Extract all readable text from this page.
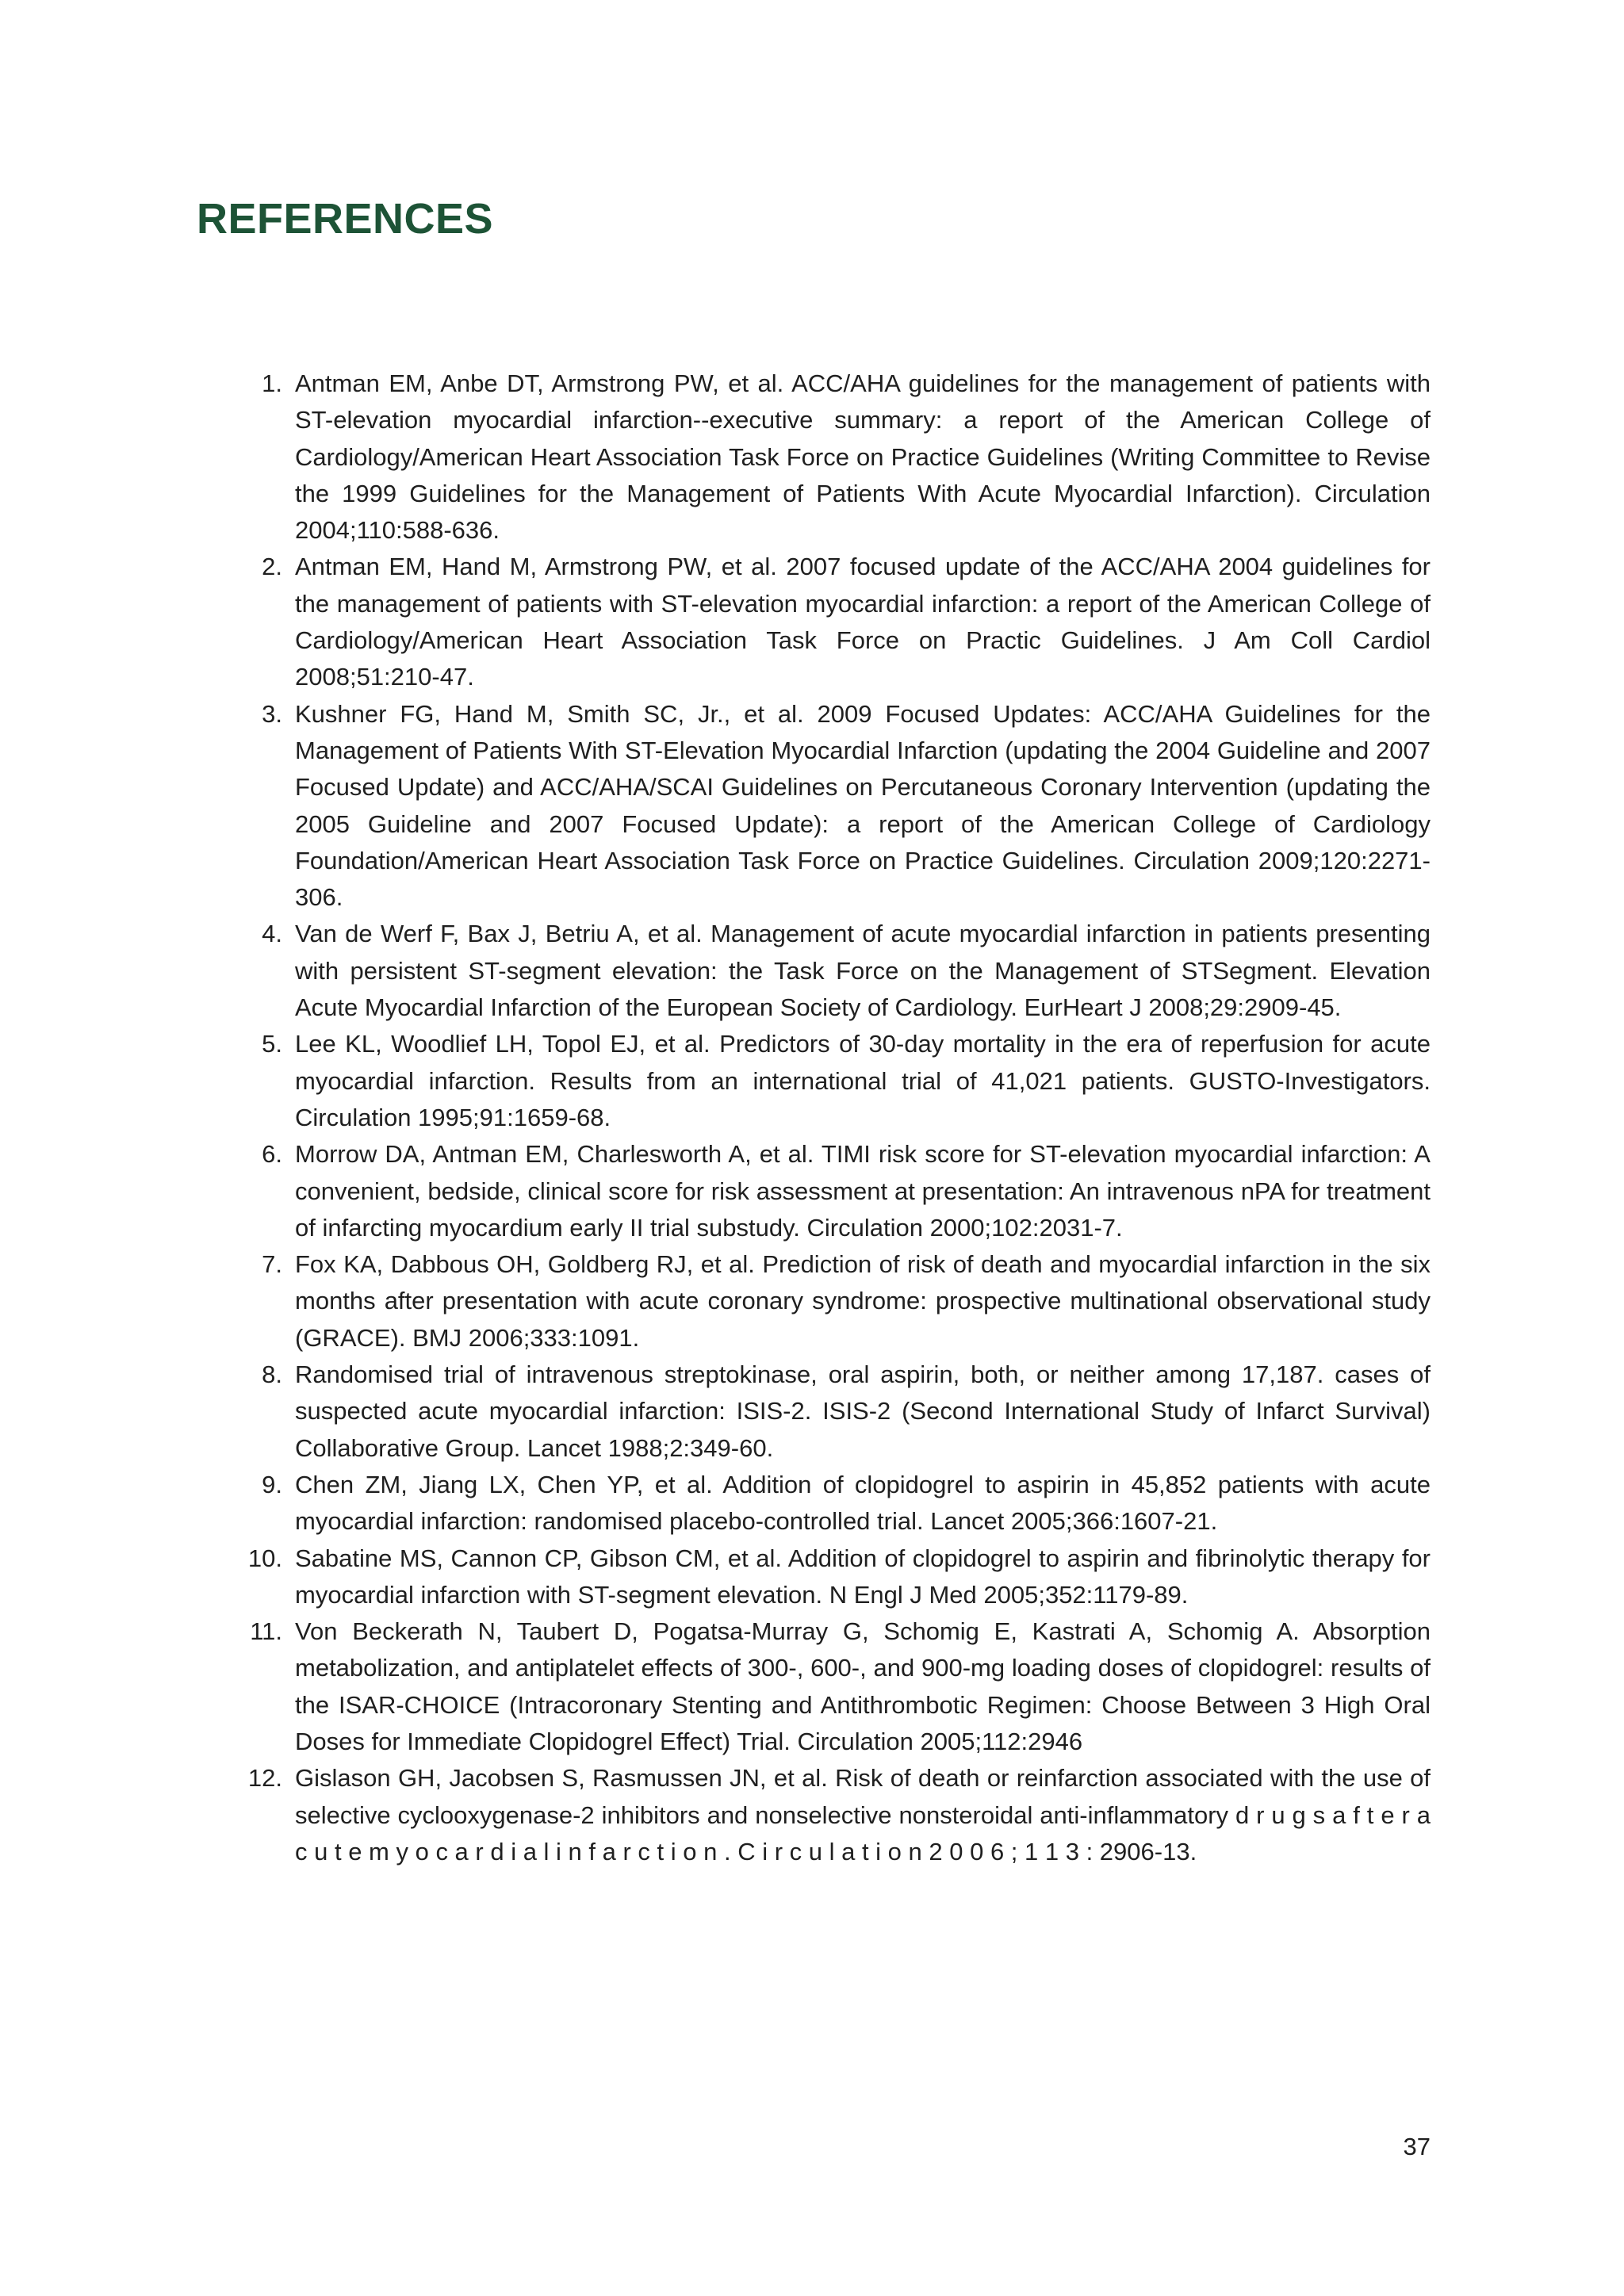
REFERENCES
1. Antman EM, Anbe DT, Armstrong PW, et al. ACC/AHA guidelines for the management of patients with ST-elevation myocardial infarction--executive summary: a report of the American College of Cardiology/American Heart Association Task Force on Practice Guidelines (Writing Committee to Revise the 1999 Guidelines for the Management of Patients With Acute Myocardial Infarction). Circulation 2004;110:588-636.
2. Antman EM, Hand M, Armstrong PW, et al. 2007 focused update of the ACC/AHA 2004 guidelines for the management of patients with ST-elevation myocardial infarction: a report of the American College of Cardiology/American Heart Association Task Force on Practic Guidelines. J Am Coll Cardiol 2008;51:210-47.
3. Kushner FG, Hand M, Smith SC, Jr., et al. 2009 Focused Updates: ACC/AHA Guidelines for the Management of Patients With ST-Elevation Myocardial Infarction (updating the 2004 Guideline and 2007 Focused Update) and ACC/AHA/SCAI Guidelines on Percutaneous Coronary Intervention (updating the 2005 Guideline and 2007 Focused Update): a report of the American College of Cardiology Foundation/American Heart Association Task Force on Practice Guidelines. Circulation 2009;120:2271-306.
4. Van de Werf F, Bax J, Betriu A, et al. Management of acute myocardial infarction in patients presenting with persistent ST-segment elevation: the Task Force on the Management of STSegment. Elevation Acute Myocardial Infarction of the European Society of Cardiology. EurHeart J 2008;29:2909-45.
5. Lee KL, Woodlief LH, Topol EJ, et al. Predictors of 30-day mortality in the era of reperfusion for acute myocardial infarction. Results from an international trial of 41,021 patients. GUSTO-Investigators. Circulation 1995;91:1659-68.
6. Morrow DA, Antman EM, Charlesworth A, et al. TIMI risk score for ST-elevation myocardial infarction: A convenient, bedside, clinical score for risk assessment at presentation: An intravenous nPA for treatment of infarcting myocardium early II trial substudy. Circulation 2000;102:2031-7.
7. Fox KA, Dabbous OH, Goldberg RJ, et al. Prediction of risk of death and myocardial infarction in the six months after presentation with acute coronary syndrome: prospective multinational observational study (GRACE). BMJ 2006;333:1091.
8. Randomised trial of intravenous streptokinase, oral aspirin, both, or neither among 17,187. cases of suspected acute myocardial infarction: ISIS-2. ISIS-2 (Second International Study of Infarct Survival) Collaborative Group. Lancet 1988;2:349-60.
9. Chen ZM, Jiang LX, Chen YP, et al. Addition of clopidogrel to aspirin in 45,852 patients with acute myocardial infarction: randomised placebo-controlled trial. Lancet 2005;366:1607-21.
10. Sabatine MS, Cannon CP, Gibson CM, et al. Addition of clopidogrel to aspirin and fibrinolytic therapy for myocardial infarction with ST-segment elevation. N Engl J Med 2005;352:1179-89.
11. Von Beckerath N, Taubert D, Pogatsa-Murray G, Schomig E, Kastrati A, Schomig A. Absorption metabolization, and antiplatelet effects of 300-, 600-, and 900-mg loading doses of clopidogrel: results of the ISAR-CHOICE (Intracoronary Stenting and Antithrombotic Regimen: Choose Between 3 High Oral Doses for Immediate Clopidogrel Effect) Trial. Circulation 2005;112:2946
12. Gislason GH, Jacobsen S, Rasmussen JN, et al. Risk of death or reinfarction associated with the use of selective cyclooxygenase-2 inhibitors and nonselective nonsteroidal anti-inflammatory d r u g s a f t e r a c u t e m y o c a r d i a l i n f a r c t i o n . C i r c u l a t i o n 2 0 0 6 ; 1 1 3 : 2906-13.
37
